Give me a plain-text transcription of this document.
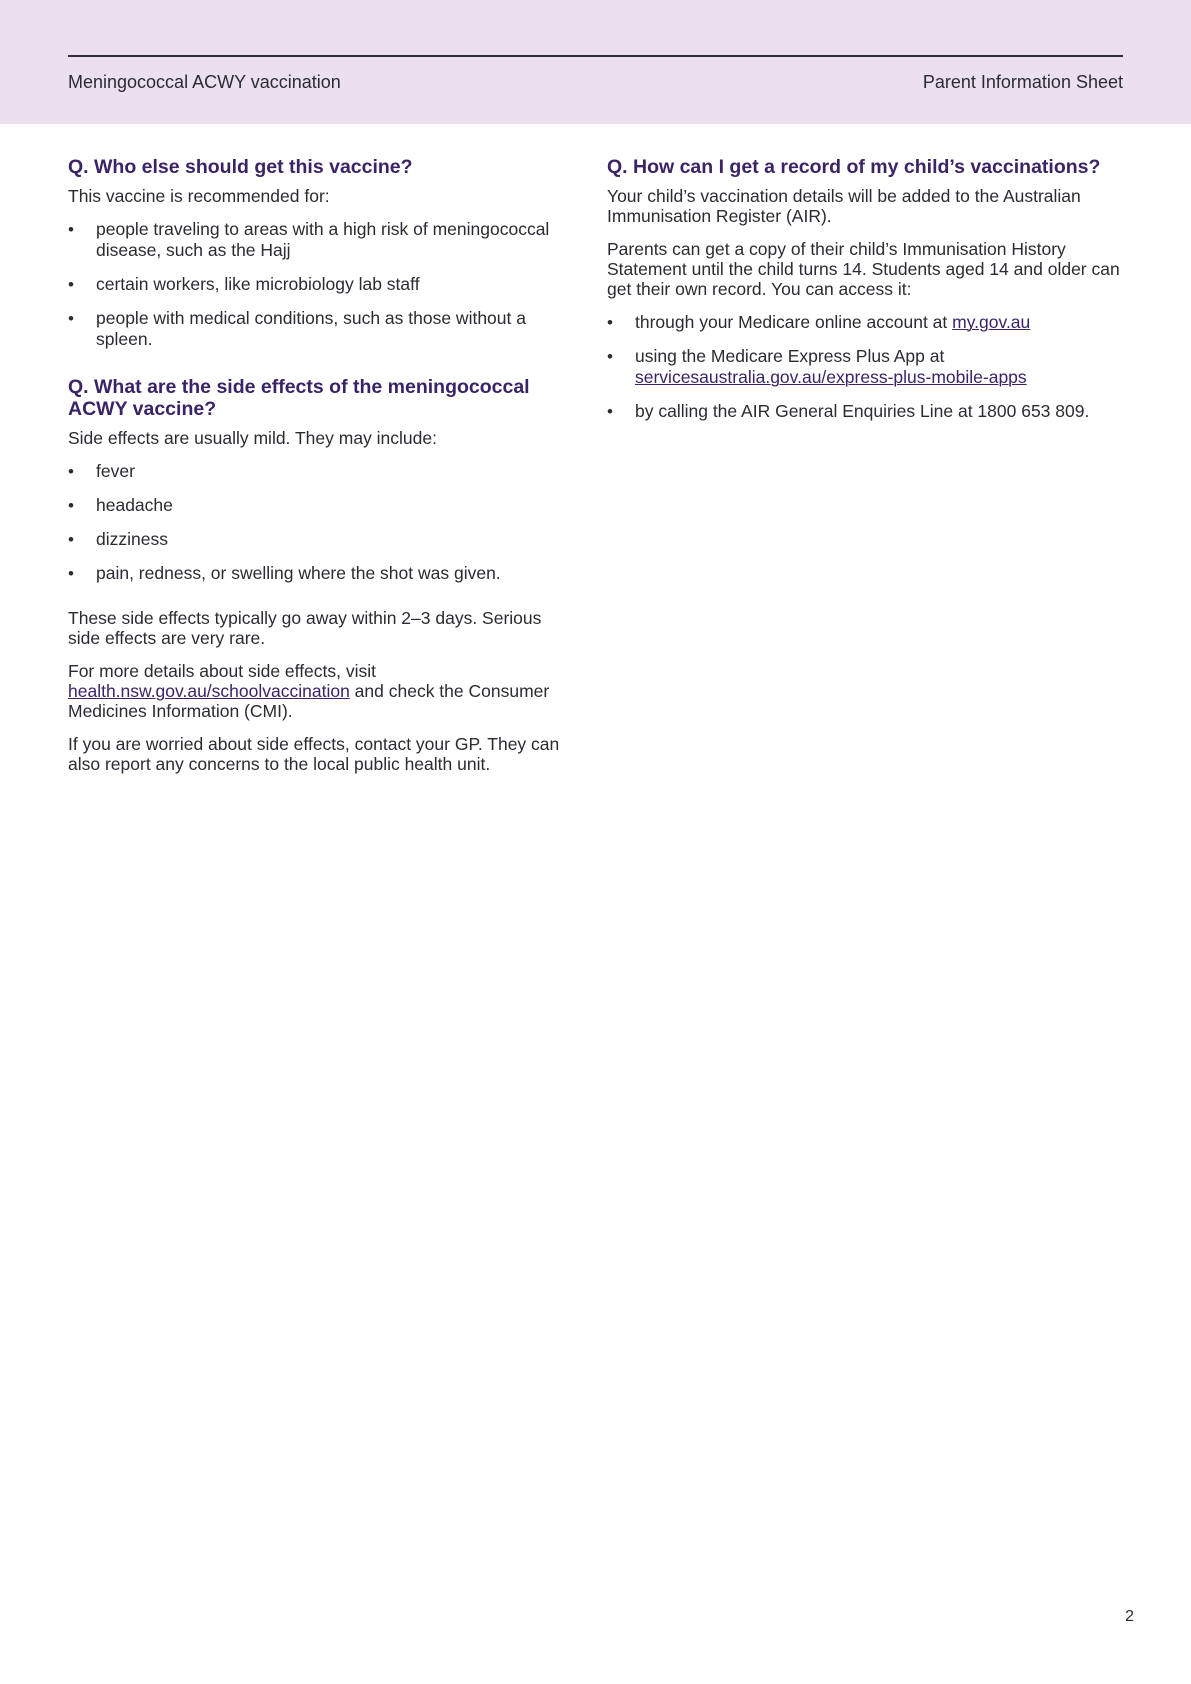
Meningococcal ACWY vaccination	Parent Information Sheet
Q. Who else should get this vaccine?

This vaccine is recommended for:

• people traveling to areas with a high risk of meningococcal disease, such as the Hajj
• certain workers, like microbiology lab staff
• people with medical conditions, such as those without a spleen.
Q. What are the side effects of the meningococcal ACWY vaccine?

Side effects are usually mild. They may include:

• fever
• headache
• dizziness
• pain, redness, or swelling where the shot was given.

These side effects typically go away within 2–3 days. Serious side effects are very rare.

For more details about side effects, visit health.nsw.gov.au/schoolvaccination and check the Consumer Medicines Information (CMI).

If you are worried about side effects, contact your GP. They can also report any concerns to the local public health unit.

Q. How can I get a record of my child’s vaccinations?

Your child’s vaccination details will be added to the Australian Immunisation Register (AIR).

Parents can get a copy of their child’s Immunisation History Statement until the child turns 14. Students aged 14 and older can get their own record. You can access it:

• through your Medicare online account at my.gov.au
• using the Medicare Express Plus App at servicesaustralia.gov.au/express-plus-mobile-apps
• by calling the AIR General Enquiries Line at 1800 653 809.
2
